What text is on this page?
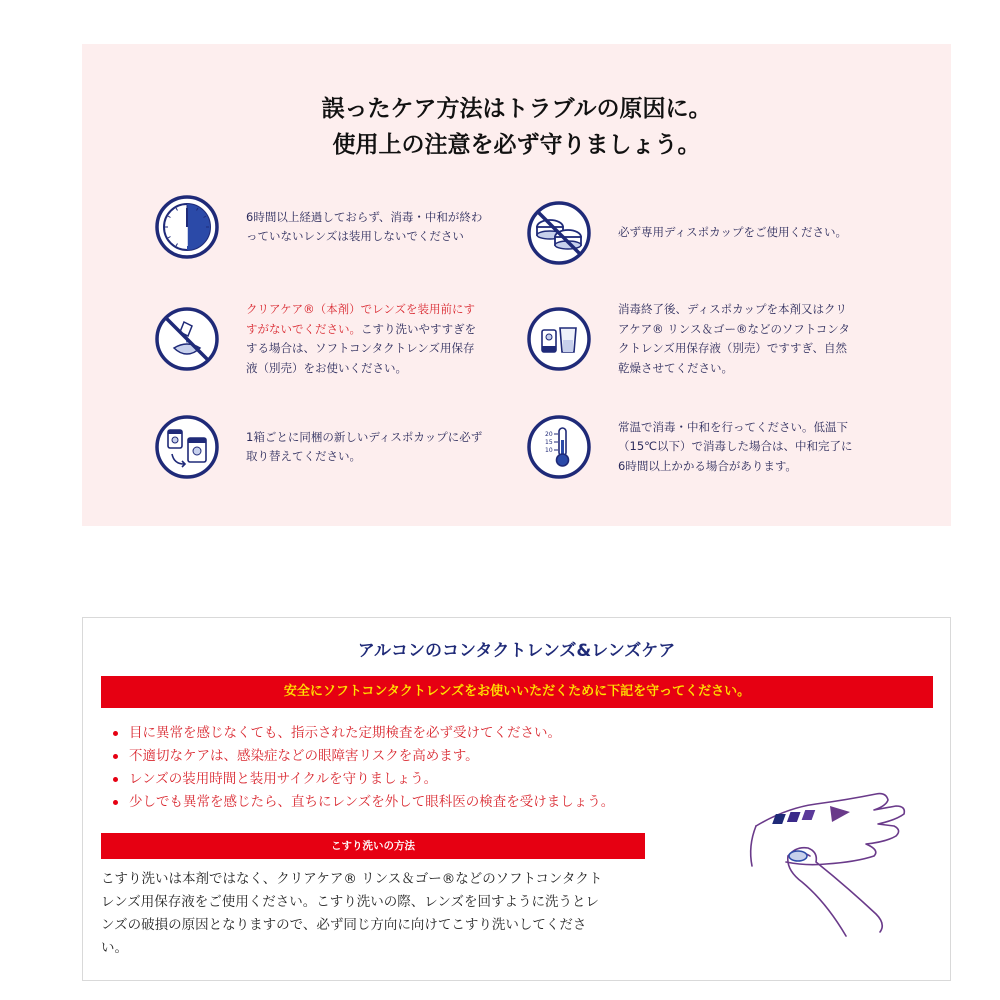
誤ったケア方法はトラブルの原因に。
使用上の注意を必ず守りましょう。
6時間以上経過しておらず、消毒・中和が終わ
っていないレンズは装用しないでください	必ず専用ディスポカップをご使用ください。
クリアケア®（本剤）でレンズを装用前にす
すがないでください。こすり洗いやすすぎを
する場合は、ソフトコンタクトレンズ用保存
液（別売）をお使いください。
消毒終了後、ディスポカップを本剤又はクリ
アケア® リンス＆ゴー®などのソフトコンタ
クトレンズ用保存液（別売）ですすぎ、自然
乾燥させてください。
1箱ごとに同梱の新しいディスポカップに必ず
取り替えてください。
20
15
10
常温で消毒・中和を行ってください。低温下
（15℃以下）で消毒した場合は、中和完了に
6時間以上かかる場合があります。
アルコンのコンタクトレンズ&レンズケア
安全にソフトコンタクトレンズをお使いいただくために下記を守ってください。
目に異常を感じなくても、指示された定期検査を必ず受けてください。
不適切なケアは、感染症などの眼障害リスクを高めます。
レンズの装用時間と装用サイクルを守りましょう。
少しでも異常を感じたら、直ちにレンズを外して眼科医の検査を受けましょう。
こすり洗いの方法
こすり洗いは本剤ではなく、クリアケア® リンス＆ゴー®などのソフトコンタクト
レンズ用保存液をご使用ください。こすり洗いの際、レンズを回すように洗うとレ
ンズの破損の原因となりますので、必ず同じ方向に向けてこすり洗いしてくださ
い。
